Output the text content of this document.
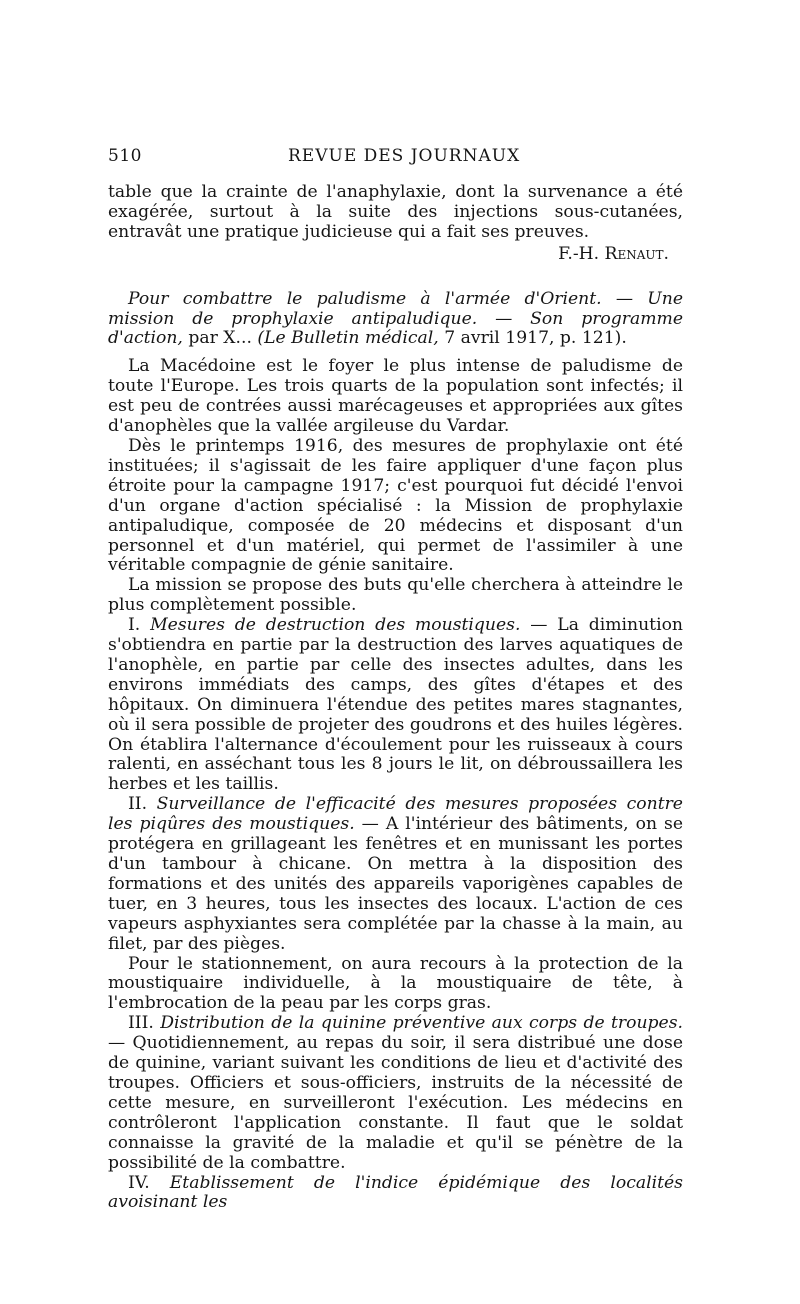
510	REVUE DES JOURNAUX

table que la crainte de l'anaphylaxie, dont la survenance a été exagérée, surtout à la suite des injections sous-cutanées, entravât une pratique judicieuse qui a fait ses preuves.

F.-H. Renaut.

Pour combattre le paludisme à l'armée d'Orient. — Une mission de prophylaxie antipaludique. — Son programme d'action, par X... (Le Bulletin médical, 7 avril 1917, p. 121).

La Macédoine est le foyer le plus intense de paludisme de toute l'Europe. Les trois quarts de la population sont infectés; il est peu de contrées aussi marécageuses et appropriées aux gîtes d'anophèles que la vallée argileuse du Vardar.

Dès le printemps 1916, des mesures de prophylaxie ont été instituées; il s'agissait de les faire appliquer d'une façon plus étroite pour la campagne 1917; c'est pourquoi fut décidé l'envoi d'un organe d'action spécialisé : la Mission de prophylaxie antipaludique, composée de 20 médecins et disposant d'un personnel et d'un matériel, qui permet de l'assimiler à une véritable compagnie de génie sanitaire.

La mission se propose des buts qu'elle cherchera à atteindre le plus complètement possible.

I. Mesures de destruction des moustiques. — La diminution s'obtiendra en partie par la destruction des larves aquatiques de l'anophèle, en partie par celle des insectes adultes, dans les environs immédiats des camps, des gîtes d'étapes et des hôpitaux. On diminuera l'étendue des petites mares stagnantes, où il sera possible de projeter des goudrons et des huiles légères. On établira l'alternance d'écoulement pour les ruisseaux à cours ralenti, en asséchant tous les 8 jours le lit, on débroussaillera les herbes et les taillis.

II. Surveillance de l'efficacité des mesures proposées contre les piqûres des moustiques. — A l'intérieur des bâtiments, on se protégera en grillageant les fenêtres et en munissant les portes d'un tambour à chicane. On mettra à la disposition des formations et des unités des appareils vaporigènes capables de tuer, en 3 heures, tous les insectes des locaux. L'action de ces vapeurs asphyxiantes sera complétée par la chasse à la main, au filet, par des pièges.

Pour le stationnement, on aura recours à la protection de la moustiquaire individuelle, à la moustiquaire de tête, à l'embrocation de la peau par les corps gras.

III. Distribution de la quinine préventive aux corps de troupes. — Quotidiennement, au repas du soir, il sera distribué une dose de quinine, variant suivant les conditions de lieu et d'activité des troupes. Officiers et sous-officiers, instruits de la nécessité de cette mesure, en surveilleront l'exécution. Les médecins en contrôleront l'application constante. Il faut que le soldat connaisse la gravité de la maladie et qu'il se pénètre de la possibilité de la combattre.

IV. Etablissement de l'indice épidémique des localités avoisinant les
